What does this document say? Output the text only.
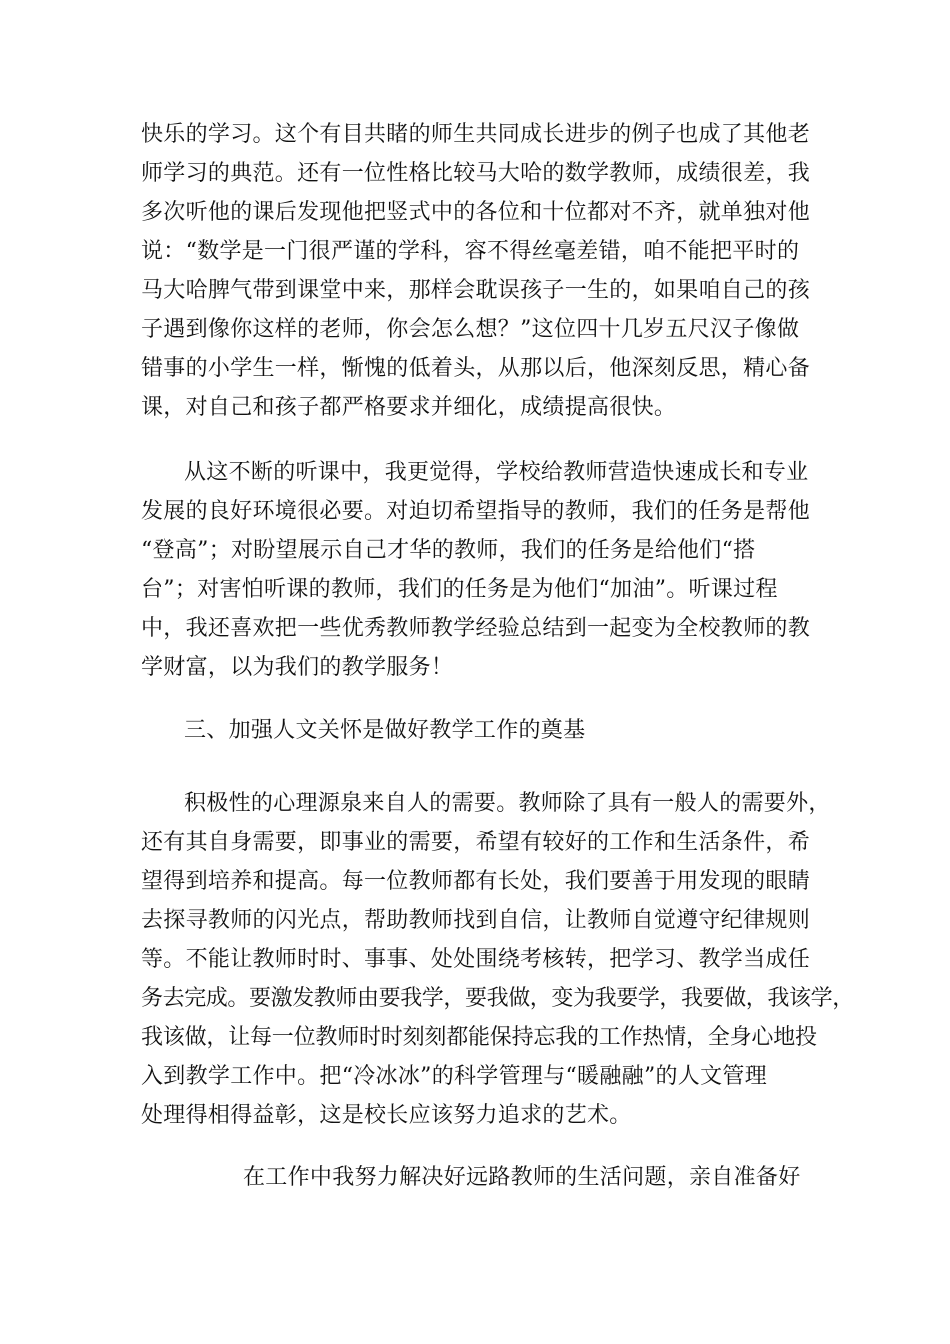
快乐的学习。这个有目共睹的师生共同成长进步的例子也成了其他老
师学习的典范。还有一位性格比较马大哈的数学教师，成绩很差，我
多次听他的课后发现他把竖式中的各位和十位都对不齐，就单独对他
说：“数学是一门很严谨的学科，容不得丝毫差错，咱不能把平时的
马大哈脾气带到课堂中来，那样会耽误孩子一生的，如果咱自己的孩
子遇到像你这样的老师，你会怎么想？”这位四十几岁五尺汉子像做
错事的小学生一样，惭愧的低着头，从那以后，他深刻反思，精心备
课，对自己和孩子都严格要求并细化，成绩提高很快。
从这不断的听课中，我更觉得，学校给教师营造快速成长和专业
发展的良好环境很必要。对迫切希望指导的教师，我们的任务是帮他
“登高”；对盼望展示自己才华的教师，我们的任务是给他们“搭
台”；对害怕听课的教师，我们的任务是为他们“加油”。听课过程
中，我还喜欢把一些优秀教师教学经验总结到一起变为全校教师的教
学财富，以为我们的教学服务！
三、加强人文关怀是做好教学工作的奠基
积极性的心理源泉来自人的需要。教师除了具有一般人的需要外，
还有其自身需要，即事业的需要，希望有较好的工作和生活条件，希
望得到培养和提高。每一位教师都有长处，我们要善于用发现的眼睛
去探寻教师的闪光点，帮助教师找到自信，让教师自觉遵守纪律规则
等。不能让教师时时、事事、处处围绕考核转，把学习、教学当成任
务去完成。要激发教师由要我学，要我做，变为我要学，我要做，我该学，
我该做，让每一位教师时时刻刻都能保持忘我的工作热情，全身心地投
入到教学工作中。把“冷冰冰”的科学管理与“暖融融”的人文管理
处理得相得益彰，这是校长应该努力追求的艺术。
在工作中我努力解决好远路教师的生活问题，亲自准备好
